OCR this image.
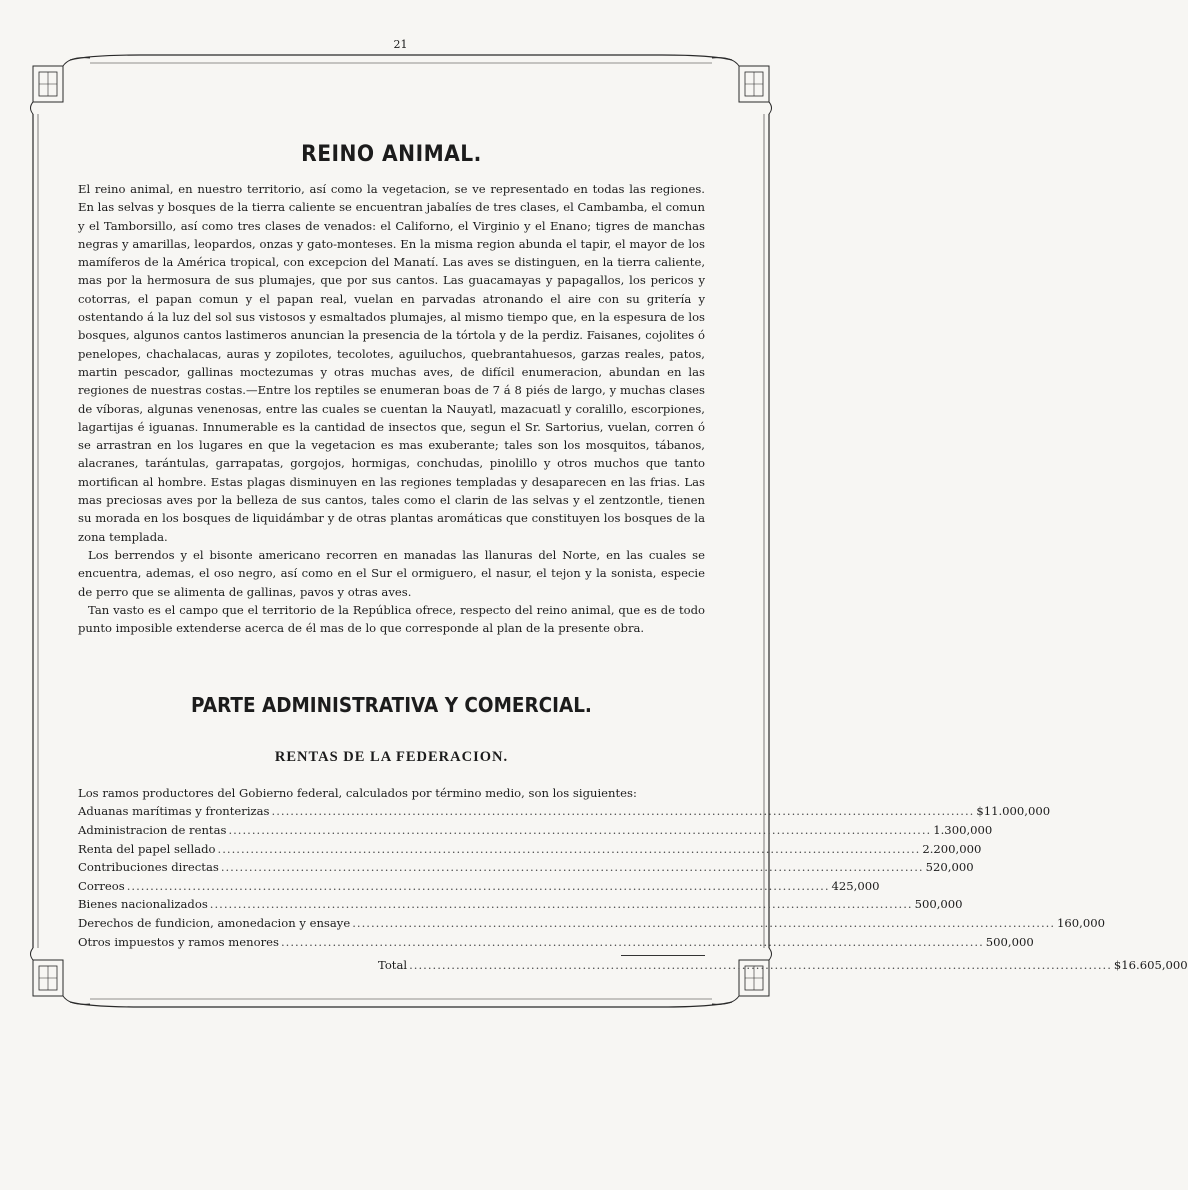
21
REINO ANIMAL.

El reino animal, en nuestro territorio, así como la vegetacion, se ve representado en todas las regiones. En las selvas y bosques de la tierra caliente se encuentran jabalíes de tres clases, el Cambamba, el comun y el Tamborsillo, así como tres clases de venados: el Californo, el Virginio y el Enano; tigres de manchas negras y amarillas, leopardos, onzas y gato-monteses. En la misma region abunda el tapir, el mayor de los mamíferos de la América tropical, con excepcion del Manatí. Las aves se distinguen, en la tierra caliente, mas por la hermosura de sus plumajes, que por sus cantos. Las guacamayas y papagallos, los pericos y cotorras, el papan comun y el papan real, vuelan en parvadas atronando el aire con su gritería y ostentando á la luz del sol sus vistosos y esmaltados plumajes, al mismo tiempo que, en la espesura de los bosques, algunos cantos lastimeros anuncian la presencia de la tórtola y de la perdiz. Faisanes, cojolites ó penelopes, chachalacas, auras y zopilotes, tecolotes, aguiluchos, quebrantahuesos, garzas reales, patos, martin pescador, gallinas moctezumas y otras muchas aves, de difícil enumeracion, abundan en las regiones de nuestras costas.—Entre los reptiles se enumeran boas de 7 á 8 piés de largo, y muchas clases de víboras, algunas venenosas, entre las cuales se cuentan la Nauyatl, mazacuatl y coralillo, escorpiones, lagartijas é iguanas. Innumerable es la cantidad de insectos que, segun el Sr. Sartorius, vuelan, corren ó se arrastran en los lugares en que la vegetacion es mas exuberante; tales son los mosquitos, tábanos, alacranes, tarántulas, garrapatas, gorgojos, hormigas, conchudas, pinolillo y otros muchos que tanto mortifican al hombre. Estas plagas disminuyen en las regiones templadas y desaparecen en las frias. Las mas preciosas aves por la belleza de sus cantos, tales como el clarin de las selvas y el zentzontle, tienen su morada en los bosques de liquidámbar y de otras plantas aromáticas que constituyen los bosques de la zona templada.

Los berrendos y el bisonte americano recorren en manadas las llanuras del Norte, en las cuales se encuentra, ademas, el oso negro, así como en el Sur el ormiguero, el nasur, el tejon y la sonista, especie de perro que se alimenta de gallinas, pavos y otras aves.

Tan vasto es el campo que el territorio de la República ofrece, respecto del reino animal, que es de todo punto imposible extenderse acerca de él mas de lo que corresponde al plan de la presente obra.

PARTE ADMINISTRATIVA Y COMERCIAL.
RENTAS DE LA FEDERACION.

Los ramos productores del Gobierno federal, calculados por término medio, son los siguientes:

Aduanas marítimas y fronterizas ...................................................................................................................................................... $ 11.000,000
Administracion de rentas ...................................................................................................................................................... 1.300,000
Renta del papel sellado ...................................................................................................................................................... 2.200,000
Contribuciones directas ...................................................................................................................................................... 520,000
Correos ...................................................................................................................................................... 425,000
Bienes nacionalizados ...................................................................................................................................................... 500,000
Derechos de fundicion, amonedacion y ensaye ...................................................................................................................................................... 160,000
Otros impuestos y ramos menores ...................................................................................................................................................... 500,000
Total ...................................................................................................................................................... $ 16.605,000
